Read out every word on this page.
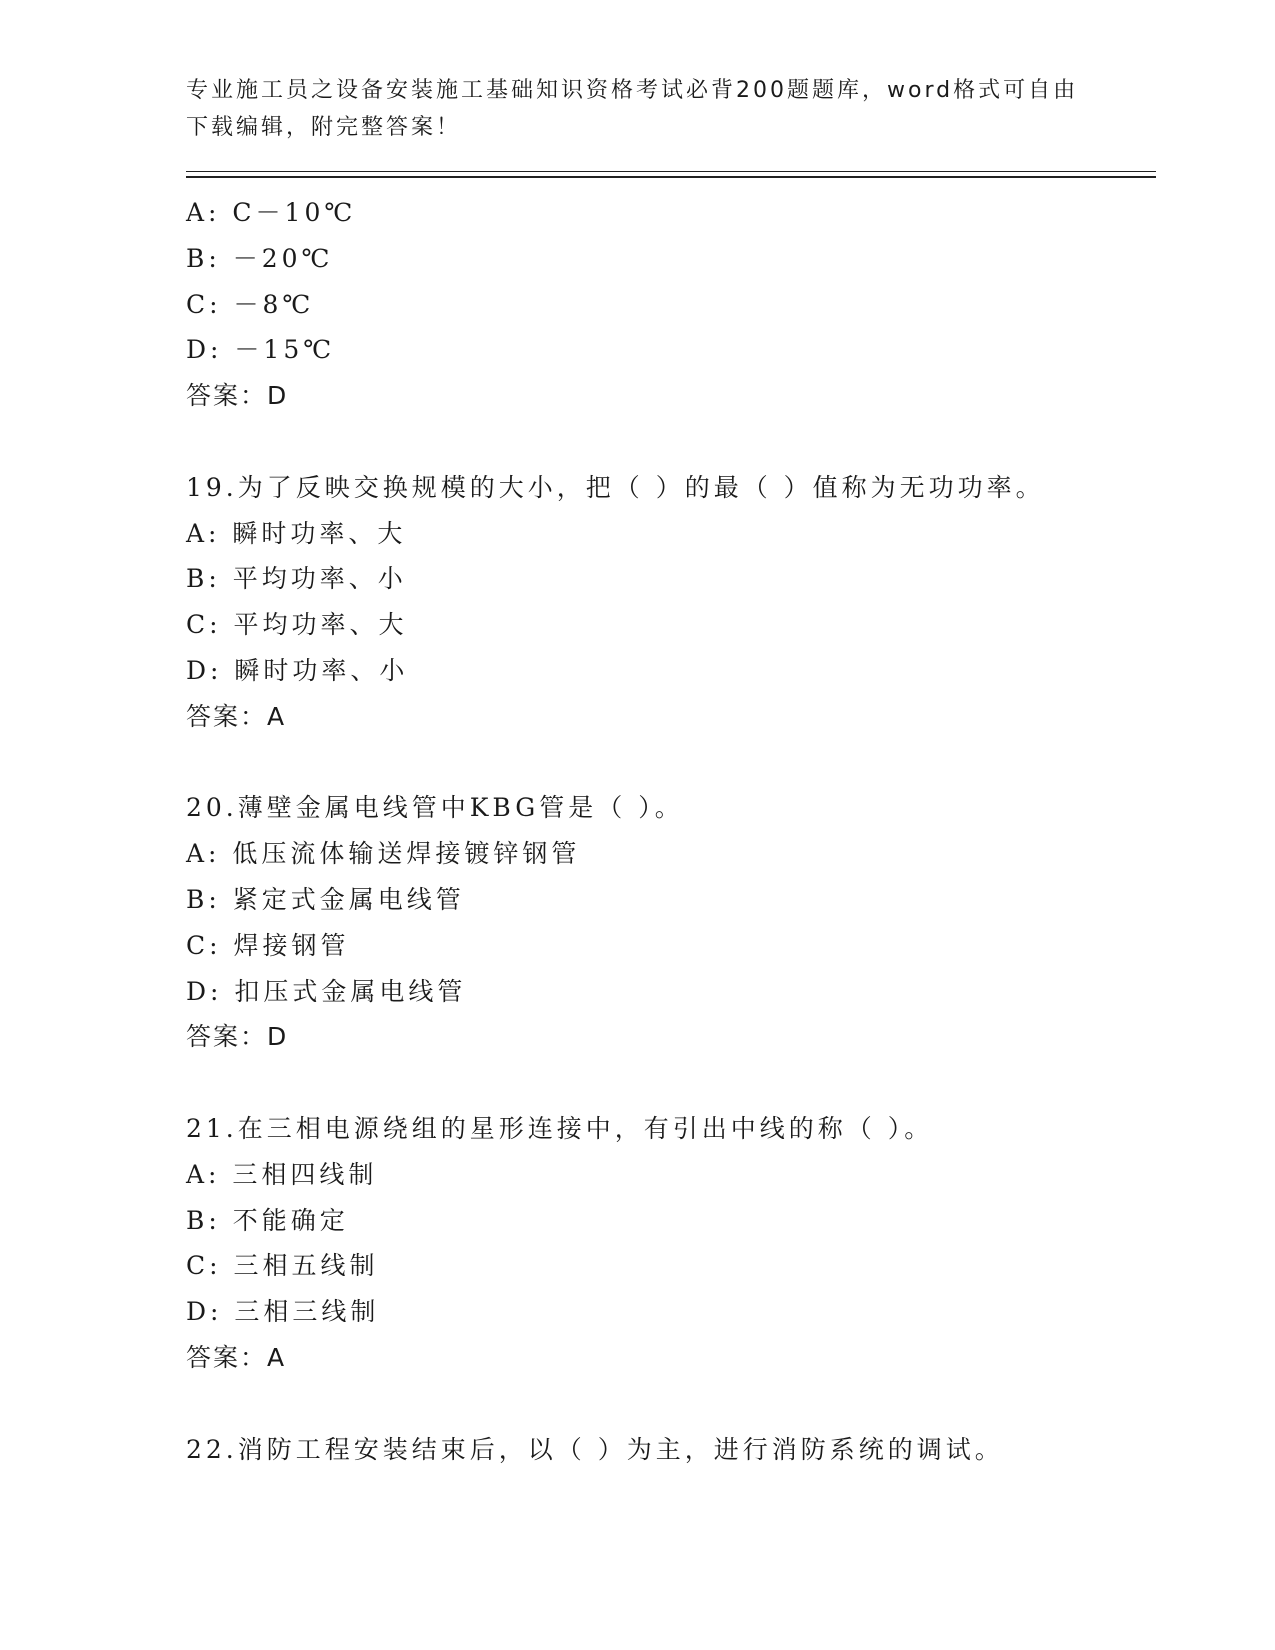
专业施工员之设备安装施工基础知识资格考试必背200题题库，word格式可自由
下载编辑，附完整答案！
A: C－10℃
B: －20℃
C: －8℃
D: －15℃
答案：D
19.为了反映交换规模的大小，把（ ）的最（ ）值称为无功功率。
A: 瞬时功率、大
B: 平均功率、小
C: 平均功率、大
D: 瞬时功率、小
答案：A
20.薄壁金属电线管中KBG管是（ ）。
A: 低压流体输送焊接镀锌钢管
B: 紧定式金属电线管
C: 焊接钢管
D: 扣压式金属电线管
答案：D
21.在三相电源绕组的星形连接中，有引出中线的称（ ）。
A: 三相四线制
B: 不能确定
C: 三相五线制
D: 三相三线制
答案：A
22.消防工程安装结束后，以（ ）为主，进行消防系统的调试。
